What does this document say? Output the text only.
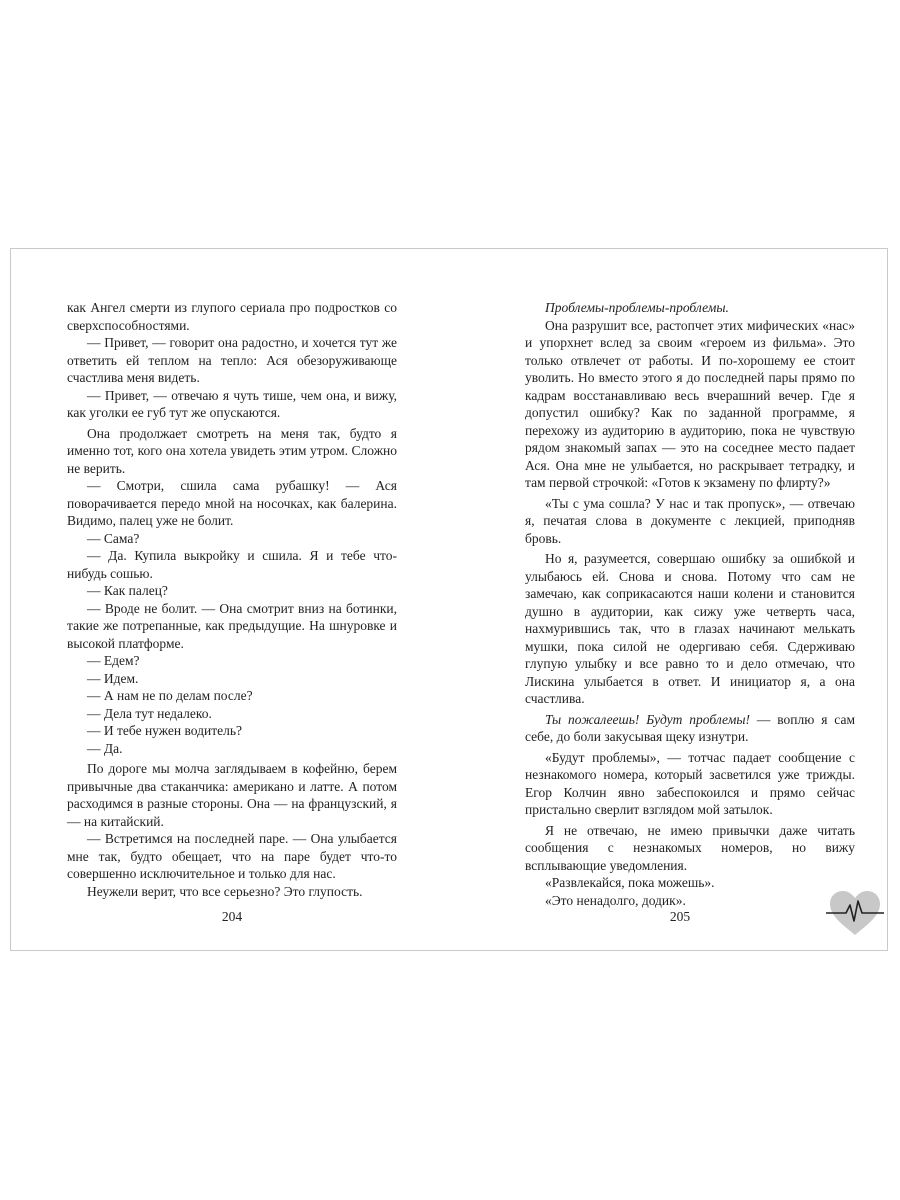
как Ангел смерти из глупого сериала про подростков со сверхспособностями.

— Привет, — говорит она радостно, и хочется тут же ответить ей теплом на тепло: Ася обезоруживающе счастлива меня видеть.

— Привет, — отвечаю я чуть тише, чем она, и вижу, как уголки ее губ тут же опускаются.

Она продолжает смотреть на меня так, будто я именно тот, кого она хотела увидеть этим утром. Сложно не верить.

— Смотри, сшила сама рубашку! — Ася поворачивается передо мной на носочках, как балерина. Видимо, палец уже не болит.

— Сама?

— Да. Купила выкройку и сшила. Я и тебе что-нибудь сошью.

— Как палец?

— Вроде не болит. — Она смотрит вниз на ботинки, такие же потрепанные, как предыдущие. На шнуровке и высокой платформе.

— Едем?

— Идем.

— А нам не по делам после?

— Дела тут недалеко.

— И тебе нужен водитель?

— Да.

По дороге мы молча заглядываем в кофейню, берем привычные два стаканчика: американо и латте. А потом расходимся в разные стороны. Она — на французский, я — на китайский.

— Встретимся на последней паре. — Она улыбается мне так, будто обещает, что на паре будет что-то совершенно исключительное и только для нас.

Неужели верит, что все серьезно? Это глупость.

204

Проблемы-проблемы-проблемы.

Она разрушит все, растопчет этих мифических «нас» и упорхнет вслед за своим «героем из фильма». Это только отвлечет от работы. И по-хорошему ее стоит уволить. Но вместо этого я до последней пары прямо по кадрам восстанавливаю весь вчерашний вечер. Где я допустил ошибку? Как по заданной программе, я перехожу из аудиторию в аудиторию, пока не чувствую рядом знакомый запах — это на соседнее место падает Ася. Она мне не улыбается, но раскрывает тетрадку, и там первой строчкой: «Готов к экзамену по флирту?»

«Ты с ума сошла? У нас и так пропуск», — отвечаю я, печатая слова в документе с лекцией, приподняв бровь.

Но я, разумеется, совершаю ошибку за ошибкой и улыбаюсь ей. Снова и снова. Потому что сам не замечаю, как соприкасаются наши колени и становится душно в аудитории, как сижу уже четверть часа, нахмурившись так, что в глазах начинают мелькать мушки, пока силой не одергиваю себя. Сдерживаю глупую улыбку и все равно то и дело отмечаю, что Лискина улыбается в ответ. И инициатор я, а она счастлива.

Ты пожалеешь! Будут проблемы! — воплю я сам себе, до боли закусывая щеку изнутри.

«Будут проблемы», — тотчас падает сообщение с незнакомого номера, который засветился уже трижды. Егор Колчин явно забеспокоился и прямо сейчас пристально сверлит взглядом мой затылок.

Я не отвечаю, не имею привычки даже читать сообщения с незнакомых номеров, но вижу всплывающие уведомления.

«Развлекайся, пока можешь».

«Это ненадолго, додик».

205
